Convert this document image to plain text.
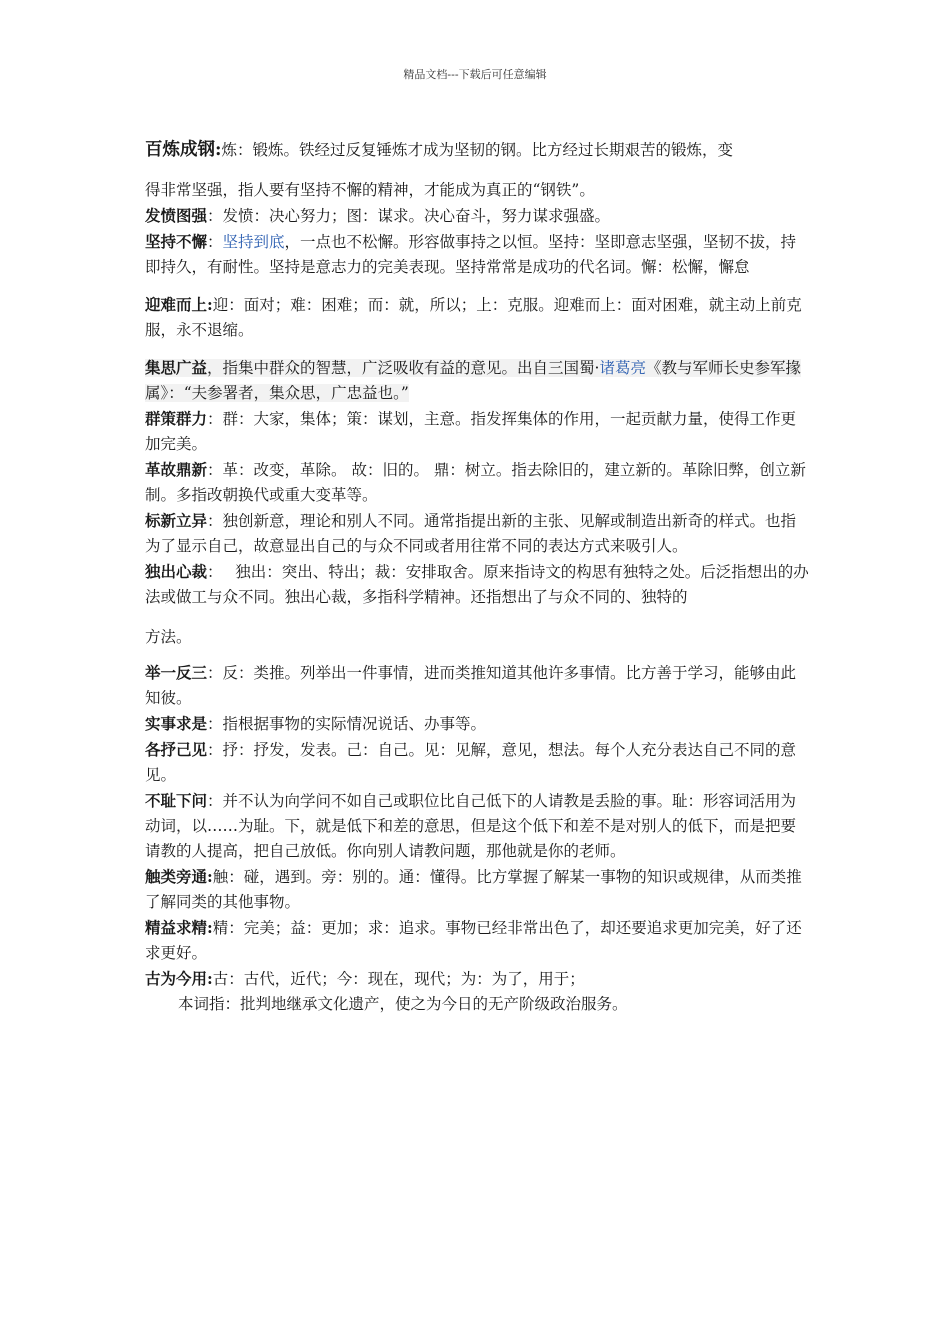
精品文档---下载后可任意编辑

百炼成钢:炼：锻炼。铁经过反复锤炼才成为坚韧的钢。比方经过长期艰苦的锻炼，变

得非常坚强，指人要有坚持不懈的精神，才能成为真正的“钢铁”。

发愤图强：发愤：决心努力；图：谋求。决心奋斗，努力谋求强盛。

坚持不懈：坚持到底，一点也不松懈。形容做事持之以恒。坚持：坚即意志坚强，坚韧不拔，持即持久，有耐性。坚持是意志力的完美表现。坚持常常是成功的代名词。懈：松懈，懈怠

迎难而上:迎：面对；难：困难；而：就，所以；上：克服。迎难而上：面对困难，就主动上前克服，永不退缩。

集思广益，指集中群众的智慧，广泛吸收有益的意见。出自三国蜀·诸葛亮《教与军师长史参军掾属》：“夫参署者，集众思，广忠益也。”

群策群力：群：大家，集体；策：谋划，主意。指发挥集体的作用，一起贡献力量，使得工作更加完美。

革故鼎新：革：改变，革除。 故：旧的。 鼎：树立。指去除旧的，建立新的。革除旧弊，创立新制。多指改朝换代或重大变革等。

标新立异：独创新意，理论和别人不同。通常指提出新的主张、见解或制造出新奇的样式。也指为了显示自己，故意显出自己的与众不同或者用往常不同的表达方式来吸引人。

独出心裁：　 独出：突出、特出；裁：安排取舍。原来指诗文的构思有独特之处。后泛指想出的办法或做工与众不同。独出心裁，多指科学精神。还指想出了与众不同的、独特的

方法。

举一反三：反：类推。列举出一件事情，进而类推知道其他许多事情。比方善于学习，能够由此知彼。

实事求是：指根据事物的实际情况说话、办事等。

各抒己见：抒：抒发，发表。己：自己。见：见解，意见，想法。每个人充分表达自己不同的意见。

不耻下问：并不认为向学问不如自己或职位比自己低下的人请教是丢脸的事。耻：形容词活用为动词，以……为耻。下，就是低下和差的意思，但是这个低下和差不是对别人的低下，而是把要请教的人提高，把自己放低。你向别人请教问题，那他就是你的老师。

触类旁通:触：碰，遇到。旁：别的。通：懂得。比方掌握了解某一事物的知识或规律，从而类推了解同类的其他事物。

精益求精:精：完美；益：更加；求：追求。事物已经非常出色了，却还要追求更加完美，好了还求更好。

古为今用:古：古代，近代；今：现在，现代；为：为了，用于；

本词指：批判地继承文化遗产，使之为今日的无产阶级政治服务。
